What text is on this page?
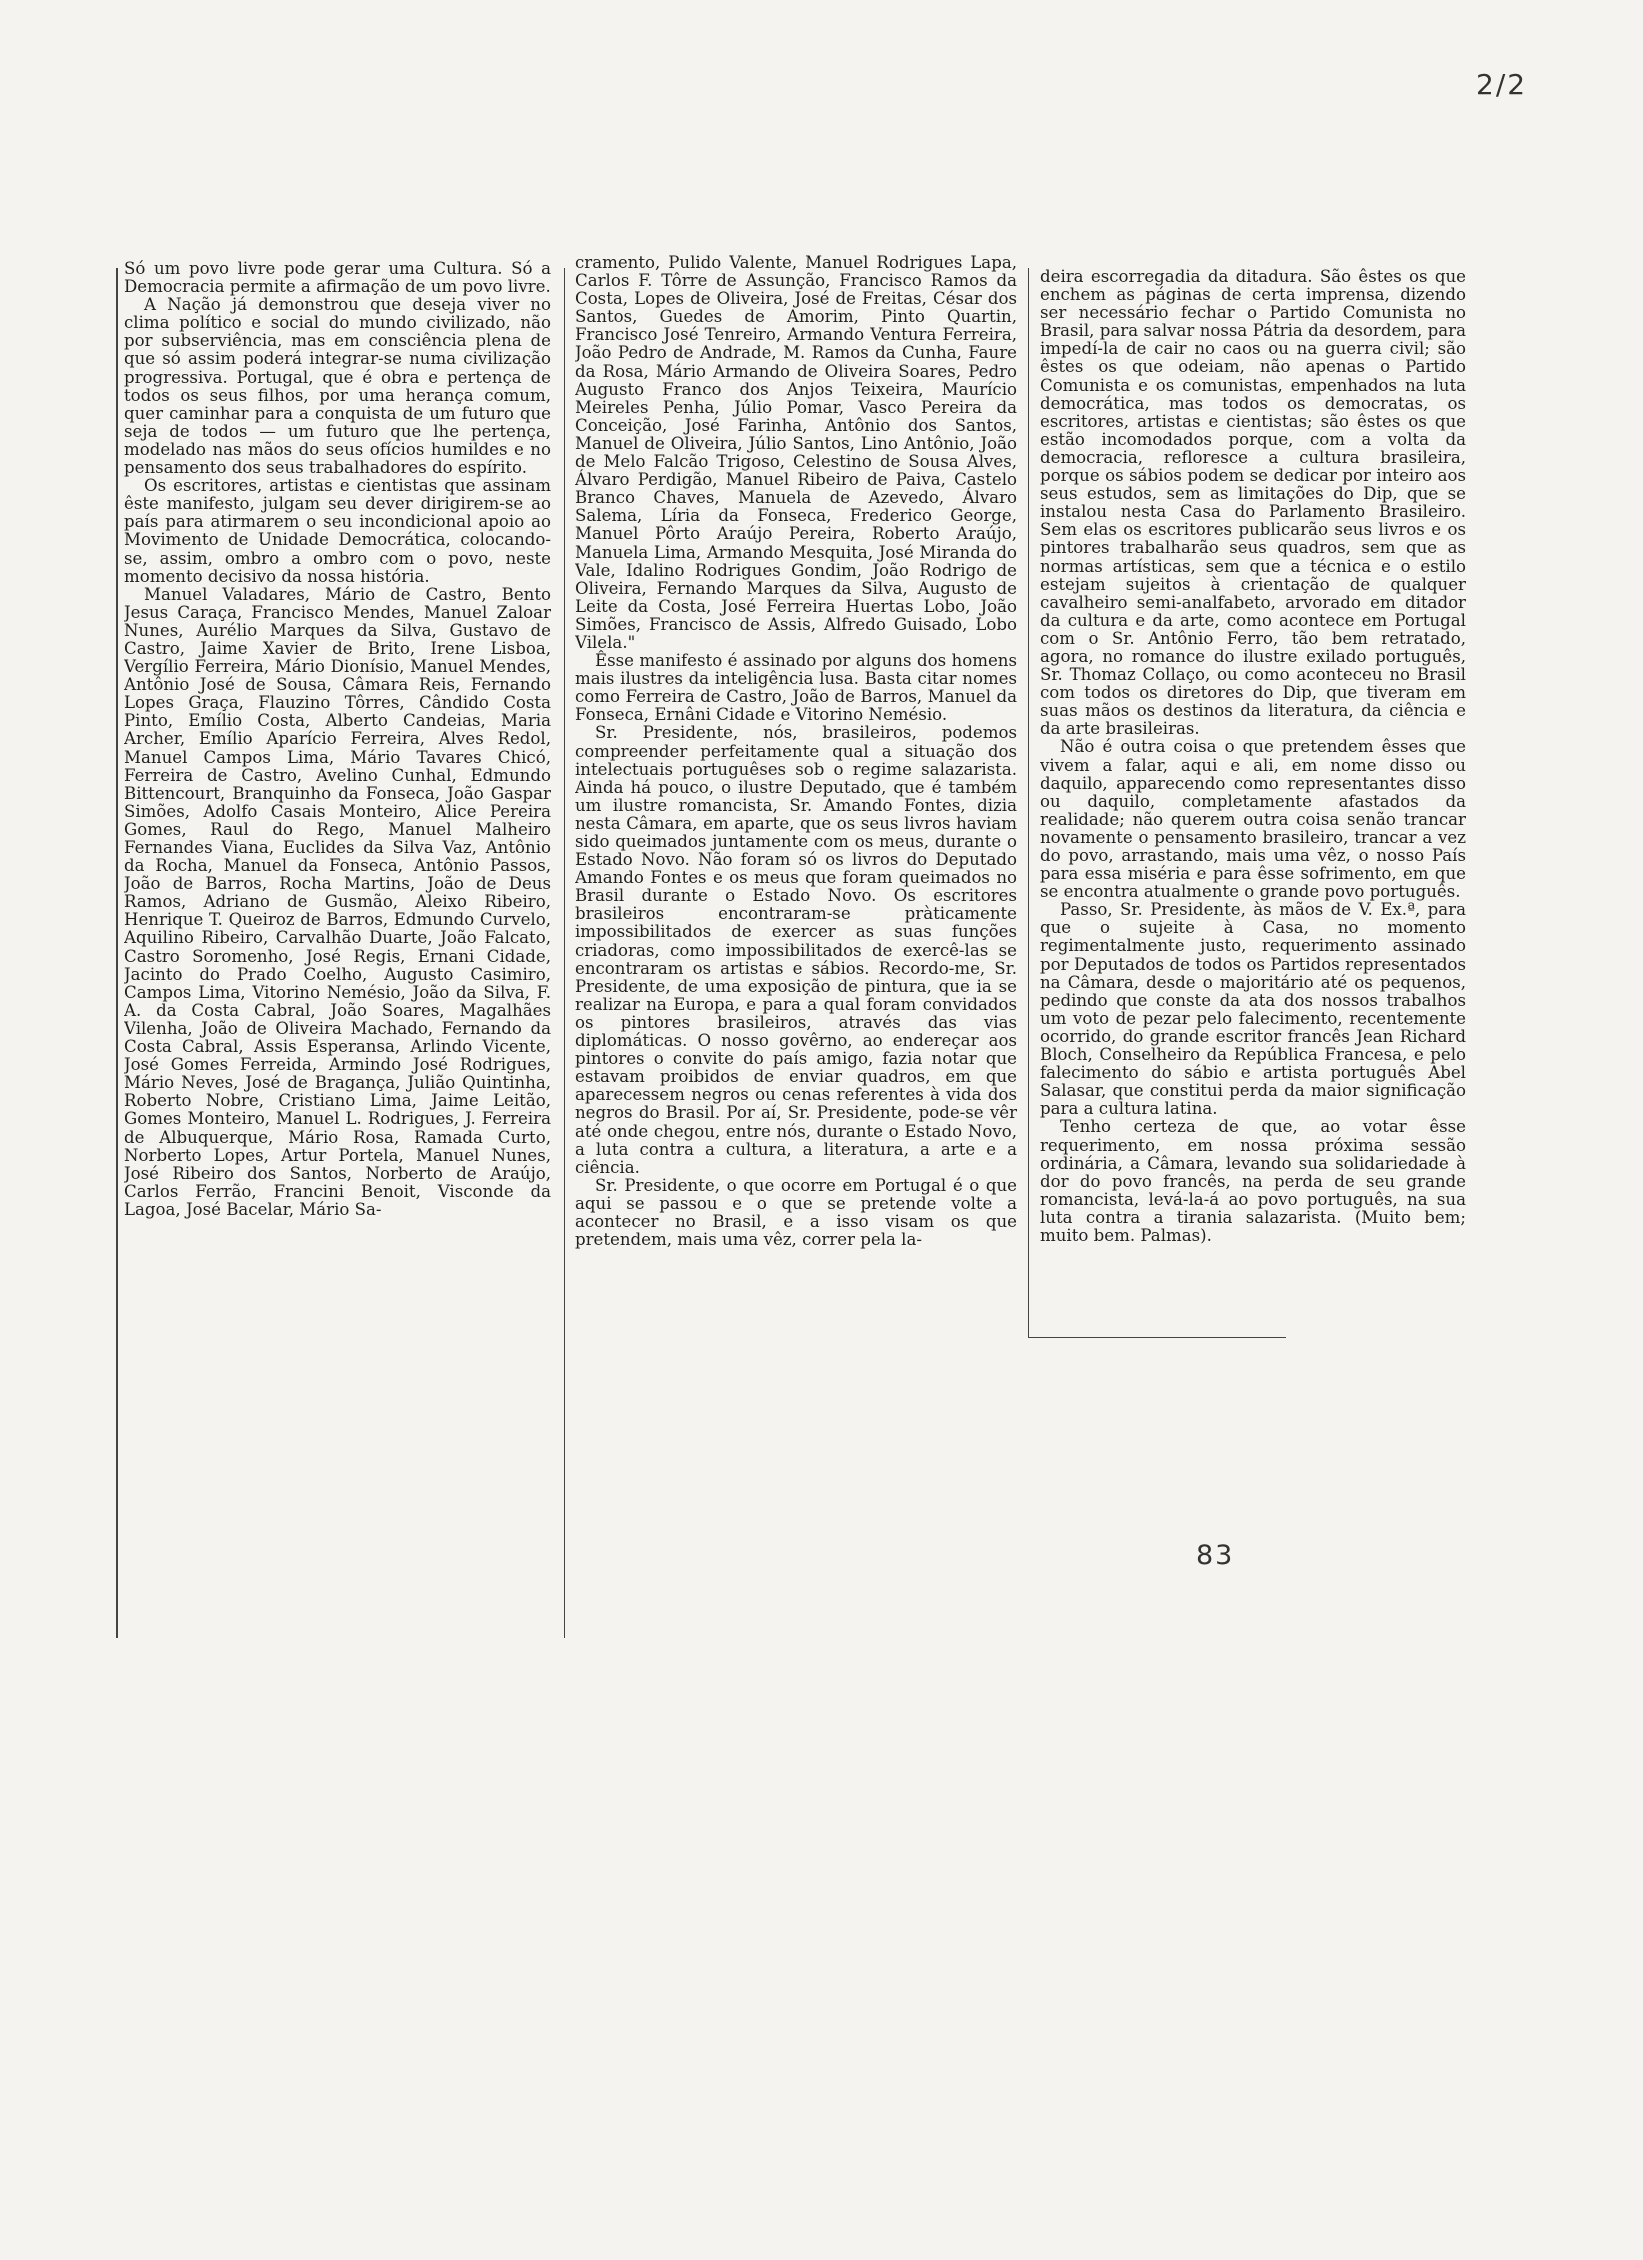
2/2

Só um povo livre pode gerar uma Cultura. Só a Democracia permite a afirmação de um povo livre.

A Nação já demonstrou que deseja viver no clima político e social do mundo civilizado, não por subserviência, mas em consciência plena de que só assim poderá integrar-se numa civilização progressiva. Portugal, que é obra e pertença de todos os seus filhos, por uma herança comum, quer caminhar para a conquista de um futuro que seja de todos — um futuro que lhe pertença, modelado nas mãos do seus ofícios humildes e no pensamento dos seus trabalhadores do espírito.

Os escritores, artistas e cientistas que assinam êste manifesto, julgam seu dever dirigirem-se ao país para atirmarem o seu incondicional apoio ao Movimento de Unidade Democrática, colocando-se, assim, ombro a ombro com o povo, neste momento decisivo da nossa história.

Manuel Valadares, Mário de Castro, Bento Jesus Caraça, Francisco Mendes, Manuel Zaloar Nunes, Aurélio Marques da Silva, Gustavo de Castro, Jaime Xavier de Brito, Irene Lisboa, Vergílio Ferreira, Mário Dionísio, Manuel Mendes, Antônio José de Sousa, Câmara Reis, Fernando Lopes Graça, Flauzino Tôrres, Cândido Costa Pinto, Emílio Costa, Alberto Candeias, Maria Archer, Emílio Aparício Ferreira, Alves Redol, Manuel Campos Lima, Mário Tavares Chicó, Ferreira de Castro, Avelino Cunhal, Edmundo Bittencourt, Branquinho da Fonseca, João Gaspar Simões, Adolfo Casais Monteiro, Alice Pereira Gomes, Raul do Rego, Manuel Malheiro Fernandes Viana, Euclides da Silva Vaz, Antônio da Rocha, Manuel da Fonseca, Antônio Passos, João de Barros, Rocha Martins, João de Deus Ramos, Adriano de Gusmão, Aleixo Ribeiro, Henrique T. Queiroz de Barros, Edmundo Curvelo, Aquilino Ribeiro, Carvalhão Duarte, João Falcato, Castro Soromenho, José Regis, Ernani Cidade, Jacinto do Prado Coelho, Augusto Casimiro, Campos Lima, Vitorino Nemésio, João da Silva, F. A. da Costa Cabral, João Soares, Magalhães Vilenha, João de Oliveira Machado, Fernando da Costa Cabral, Assis Esperansa, Arlindo Vicente, José Gomes Ferreida, Armindo José Rodrigues, Mário Neves, José de Bragança, Julião Quintinha, Roberto Nobre, Cristiano Lima, Jaime Leitão, Gomes Monteiro, Manuel L. Rodrigues, J. Ferreira de Albuquerque, Mário Rosa, Ramada Curto, Norberto Lopes, Artur Portela, Manuel Nunes, José Ribeiro dos Santos, Norberto de Araújo, Carlos Ferrão, Francini Benoit, Visconde da Lagoa, José Bacelar, Mário Sa-

cramento, Pulido Valente, Manuel Rodrigues Lapa, Carlos F. Tôrre de Assunção, Francisco Ramos da Costa, Lopes de Oliveira, José de Freitas, César dos Santos, Guedes de Amorim, Pinto Quartin, Francisco José Tenreiro, Armando Ventura Ferreira, João Pedro de Andrade, M. Ramos da Cunha, Faure da Rosa, Mário Armando de Oliveira Soares, Pedro Augusto Franco dos Anjos Teixeira, Maurício Meireles Penha, Júlio Pomar, Vasco Pereira da Conceição, José Farinha, Antônio dos Santos, Manuel de Oliveira, Júlio Santos, Lino Antônio, João de Melo Falcão Trigoso, Celestino de Sousa Alves, Álvaro Perdigão, Manuel Ribeiro de Paiva, Castelo Branco Chaves, Manuela de Azevedo, Álvaro Salema, Líria da Fonseca, Frederico George, Manuel Pôrto Araújo Pereira, Roberto Araújo, Manuela Lima, Armando Mesquita, José Miranda do Vale, Idalino Rodrigues Gondim, João Rodrigo de Oliveira, Fernando Marques da Silva, Augusto de Leite da Costa, José Ferreira Huertas Lobo, João Simões, Francisco de Assis, Alfredo Guisado, Lobo Vilela."

Êsse manifesto é assinado por alguns dos homens mais ilustres da inteligência lusa. Basta citar nomes como Ferreira de Castro, João de Barros, Manuel da Fonseca, Ernâni Cidade e Vitorino Nemésio.

Sr. Presidente, nós, brasileiros, podemos compreender perfeitamente qual a situação dos intelectuais portuguêses sob o regime salazarista. Ainda há pouco, o ilustre Deputado, que é também um ilustre romancista, Sr. Amando Fontes, dizia nesta Câmara, em aparte, que os seus livros haviam sido queimados juntamente com os meus, durante o Estado Novo. Não foram só os livros do Deputado Amando Fontes e os meus que foram queimados no Brasil durante o Estado Novo. Os escritores brasileiros encontraram-se pràticamente impossibilitados de exercer as suas funções criadoras, como impossibilitados de exercê-las se encontraram os artistas e sábios. Recordo-me, Sr. Presidente, de uma exposição de pintura, que ia se realizar na Europa, e para a qual foram convidados os pintores brasileiros, através das vias diplomáticas. O nosso govêrno, ao endereçar aos pintores o convite do país amigo, fazia notar que estavam proibidos de enviar quadros, em que aparecessem negros ou cenas referentes à vida dos negros do Brasil. Por aí, Sr. Presidente, pode-se vêr até onde chegou, entre nós, durante o Estado Novo, a luta contra a cultura, a literatura, a arte e a ciência.

Sr. Presidente, o que ocorre em Portugal é o que aqui se passou e o que se pretende volte a acontecer no Brasil, e a isso visam os que pretendem, mais uma vêz, correr pela la-

deira escorregadia da ditadura. São êstes os que enchem as páginas de certa imprensa, dizendo ser necessário fechar o Partido Comunista no Brasil, para salvar nossa Pátria da desordem, para impedí-la de cair no caos ou na guerra civil; são êstes os que odeiam, não apenas o Partido Comunista e os comunistas, empenhados na luta democrática, mas todos os democratas, os escritores, artistas e cientistas; são êstes os que estão incomodados porque, com a volta da democracia, refloresce a cultura brasileira, porque os sábios podem se dedicar por inteiro aos seus estudos, sem as limitações do Dip, que se instalou nesta Casa do Parlamento Brasileiro. Sem elas os escritores publicarão seus livros e os pintores trabalharão seus quadros, sem que as normas artísticas, sem que a técnica e o estilo estejam sujeitos à crientação de qualquer cavalheiro semi-analfabeto, arvorado em ditador da cultura e da arte, como acontece em Portugal com o Sr. Antônio Ferro, tão bem retratado, agora, no romance do ilustre exilado português, Sr. Thomaz Collaço, ou como aconteceu no Brasil com todos os diretores do Dip, que tiveram em suas mãos os destinos da literatura, da ciência e da arte brasileiras.

Não é outra coisa o que pretendem êsses que vivem a falar, aqui e ali, em nome disso ou daquilo, apparecendo como representantes disso ou daquilo, completamente afastados da realidade; não querem outra coisa senão trancar novamente o pensamento brasileiro, trancar a vez do povo, arrastando, mais uma vêz, o nosso País para essa miséria e para êsse sofrimento, em que se encontra atualmente o grande povo português.

Passo, Sr. Presidente, às mãos de V. Ex.ª, para que o sujeite à Casa, no momento regimentalmente justo, requerimento assinado por Deputados de todos os Partidos representados na Câmara, desde o majoritário até os pequenos, pedindo que conste da ata dos nossos trabalhos um voto de pezar pelo falecimento, recentemente ocorrido, do grande escritor francês Jean Richard Bloch, Conselheiro da República Francesa, e pelo falecimento do sábio e artista português Abel Salasar, que constitui perda da maior significação para a cultura latina.

Tenho certeza de que, ao votar êsse requerimento, em nossa próxima sessão ordinária, a Câmara, levando sua solidariedade à dor do povo francês, na perda de seu grande romancista, levá-la-á ao povo português, na sua luta contra a tirania salazarista. (Muito bem; muito bem. Palmas).

83
